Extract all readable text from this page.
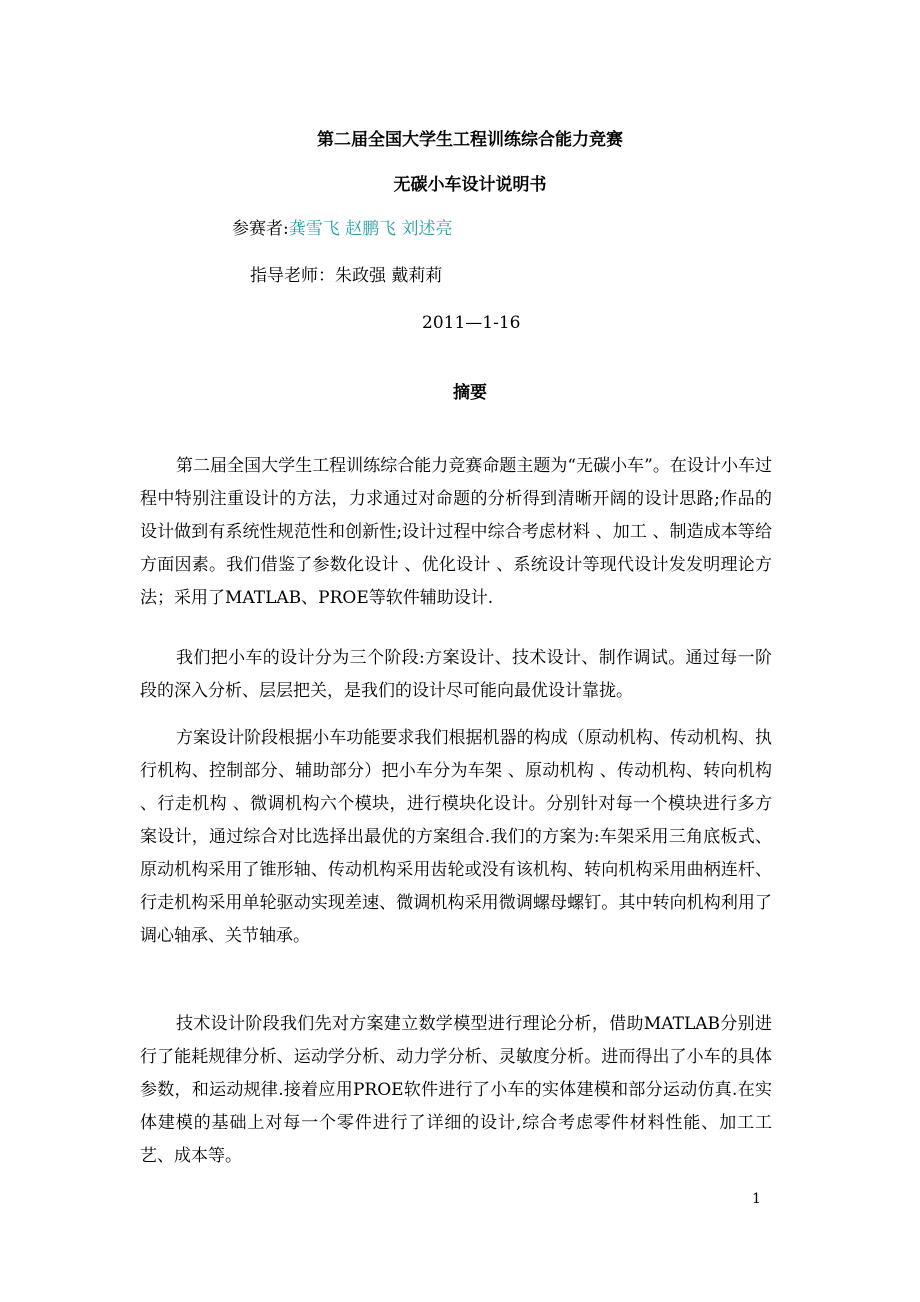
第二届全国大学生工程训练综合能力竞赛
无碳小车设计说明书
参赛者:龚雪飞 赵鹏飞 刘述亮
指导老师：朱政强 戴莉莉
2011—1-16
摘要

第二届全国大学生工程训练综合能力竞赛命题主题为“无碳小车”。在设计小车过程中特别注重设计的方法，力求通过对命题的分析得到清晰开阔的设计思路;作品的设计做到有系统性规范性和创新性;设计过程中综合考虑材料 、加工 、制造成本等给方面因素。我们借鉴了参数化设计 、优化设计 、系统设计等现代设计发发明理论方法；采用了MATLAB、PROE等软件辅助设计.

我们把小车的设计分为三个阶段:方案设计、技术设计、制作调试。通过每一阶段的深入分析、层层把关，是我们的设计尽可能向最优设计靠拢。

方案设计阶段根据小车功能要求我们根据机器的构成（原动机构、传动机构、执行机构、控制部分、辅助部分）把小车分为车架 、原动机构 、传动机构、转向机构 、行走机构 、微调机构六个模块，进行模块化设计。分别针对每一个模块进行多方案设计，通过综合对比选择出最优的方案组合.我们的方案为:车架采用三角底板式、原动机构采用了锥形轴、传动机构采用齿轮或没有该机构、转向机构采用曲柄连杆、行走机构采用单轮驱动实现差速、微调机构采用微调螺母螺钉。其中转向机构利用了调心轴承、关节轴承。

技术设计阶段我们先对方案建立数学模型进行理论分析，借助MATLAB分别进行了能耗规律分析、运动学分析、动力学分析、灵敏度分析。进而得出了小车的具体参数，和运动规律.接着应用PROE软件进行了小车的实体建模和部分运动仿真.在实体建模的基础上对每一个零件进行了详细的设计,综合考虑零件材料性能、加工工艺、成本等。

1
